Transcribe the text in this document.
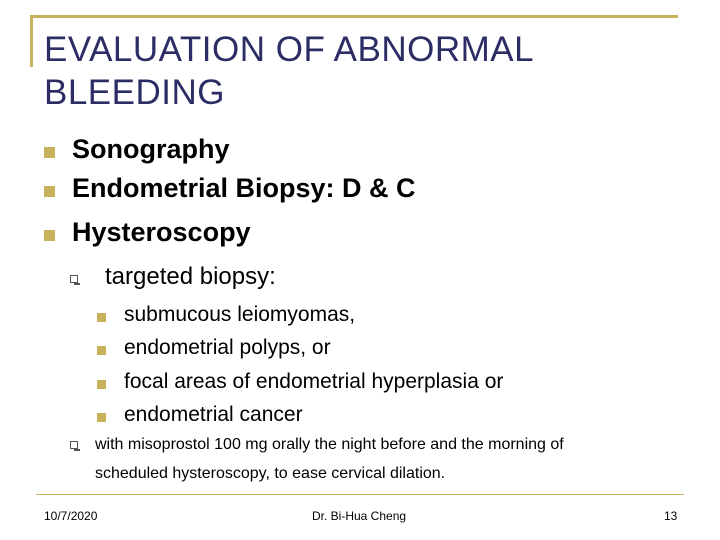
EVALUATION OF ABNORMAL BLEEDING
Sonography
Endometrial Biopsy: D & C
Hysteroscopy
targeted biopsy:
submucous leiomyomas,
endometrial polyps, or
focal areas of endometrial hyperplasia or
endometrial cancer
with misoprostol 100 mg orally the night before and the morning of
scheduled hysteroscopy, to ease cervical dilation.
10/7/2020	Dr. Bi-Hua Cheng	13
